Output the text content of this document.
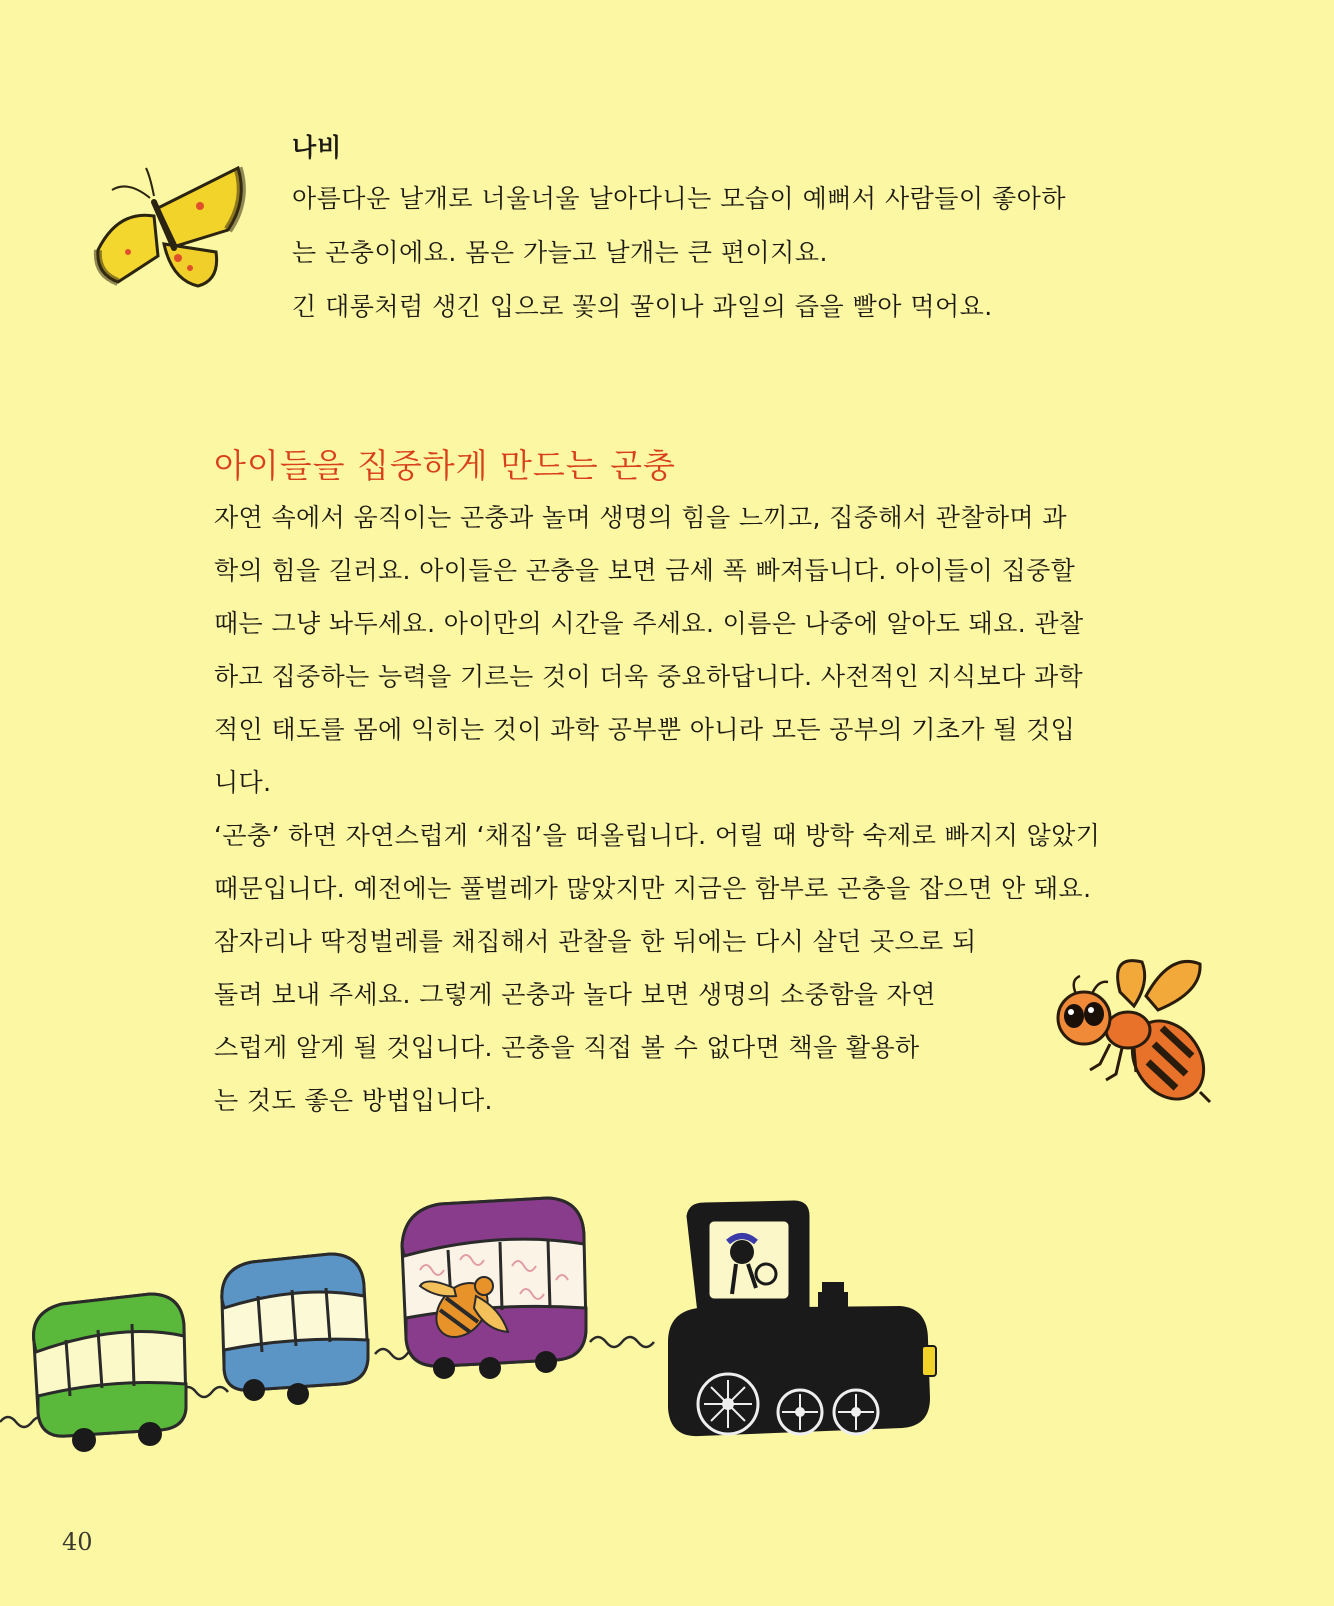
나비

아름다운 날개로 너울너울 날아다니는 모습이 예뻐서 사람들이 좋아하

는 곤충이에요. 몸은 가늘고 날개는 큰 편이지요.

긴 대롱처럼 생긴 입으로 꽃의 꿀이나 과일의 즙을 빨아 먹어요.

아이들을 집중하게 만드는 곤충

자연 속에서 움직이는 곤충과 놀며 생명의 힘을 느끼고, 집중해서 관찰하며 과

학의 힘을 길러요. 아이들은 곤충을 보면 금세 폭 빠져듭니다. 아이들이 집중할

때는 그냥 놔두세요. 아이만의 시간을 주세요. 이름은 나중에 알아도 돼요. 관찰

하고 집중하는 능력을 기르는 것이 더욱 중요하답니다. 사전적인 지식보다 과학

적인 태도를 몸에 익히는 것이 과학 공부뿐 아니라 모든 공부의 기초가 될 것입

니다.

‘곤충’ 하면 자연스럽게 ‘채집’을 떠올립니다. 어릴 때 방학 숙제로 빠지지 않았기

때문입니다. 예전에는 풀벌레가 많았지만 지금은 함부로 곤충을 잡으면 안 돼요.

잠자리나 딱정벌레를 채집해서 관찰을 한 뒤에는 다시 살던 곳으로 되

돌려 보내 주세요. 그렇게 곤충과 놀다 보면 생명의 소중함을 자연

스럽게 알게 될 것입니다. 곤충을 직접 볼 수 없다면 책을 활용하

는 것도 좋은 방법입니다.

40
